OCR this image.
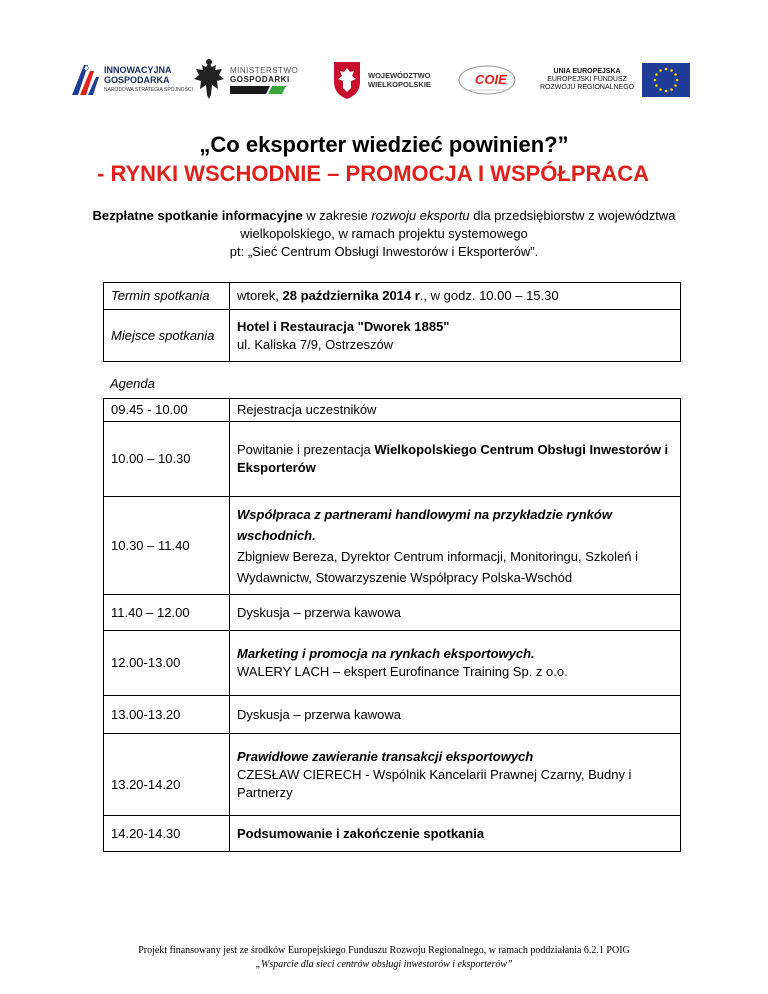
INNOWACYJNA
GOSPODARKA
NARODOWA STRATEGIA SPÓJNOŚCI
MINISTERSTWO
GOSPODARKI	WOJEWÓDZTWO
WIELKOPOLSKIE	COIE
UNIA EUROPEJSKA
EUROPEJSKI FUNDUSZ
ROZWOJU REGIONALNEGO
„Co eksporter wiedzieć powinien?”
- RYNKI WSCHODNIE – PROMOCJA I WSPÓŁPRACA
Bezpłatne spotkanie informacyjne w zakresie rozwoju eksportu dla przedsiębiorstw z województwa wielkopolskiego, w ramach projektu systemowego
pt: „Sieć Centrum Obsługi Inwestorów i Eksporterów”.
Termin spotkania	wtorek, 28 października 2014 r., w godz. 10.00 – 15.30
Miejsce spotkania	Hotel i Restauracja "Dworek 1885"
ul. Kaliska 7/9, Ostrzeszów
Agenda
09.45 - 10.00	Rejestracja uczestników
10.00 – 10.30	Powitanie i prezentacja Wielkopolskiego Centrum Obsługi Inwestorów i Eksporterów
10.30 – 11.40	Współpraca z partnerami handlowymi na przykładzie rynków wschodnich.
Zbigniew Bereza, Dyrektor Centrum informacji, Monitoringu, Szkoleń i Wydawnictw, Stowarzyszenie Współpracy Polska-Wschód
11.40 – 12.00	Dyskusja – przerwa kawowa
12.00-13.00	Marketing i promocja na rynkach eksportowych.
WALERY LACH – ekspert Eurofinance Training Sp. z o.o.
13.00-13.20	Dyskusja – przerwa kawowa
13.20-14.20	Prawidłowe zawieranie transakcji eksportowych
CZESŁAW CIERECH - Wspólnik Kancelarii Prawnej Czarny, Budny i Partnerzy
14.20-14.30	Podsumowanie i zakończenie spotkania
Projekt finansowany jest ze środków Europejskiego Funduszu Rozwoju Regionalnego, w ramach poddziałania 6.2.1 POIG
„Wsparcie dla sieci centrów obsługi inwestorów i eksporterów”
